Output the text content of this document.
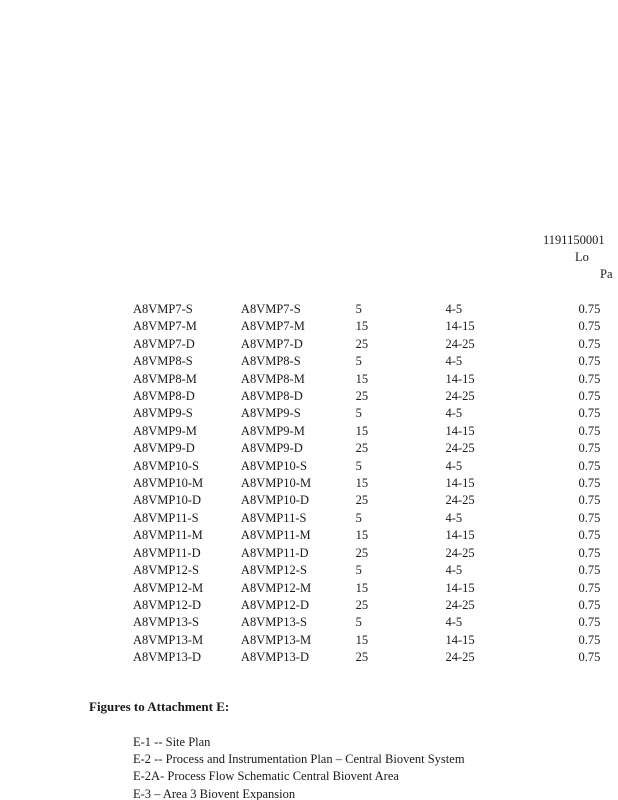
1191150001
Lo
Pa
A8VMP7-S	A8VMP7-S	5	4-5	0.75
A8VMP7-M	A8VMP7-M	15	14-15	0.75
A8VMP7-D	A8VMP7-D	25	24-25	0.75
A8VMP8-S	A8VMP8-S	5	4-5	0.75
A8VMP8-M	A8VMP8-M	15	14-15	0.75
A8VMP8-D	A8VMP8-D	25	24-25	0.75
A8VMP9-S	A8VMP9-S	5	4-5	0.75
A8VMP9-M	A8VMP9-M	15	14-15	0.75
A8VMP9-D	A8VMP9-D	25	24-25	0.75
A8VMP10-S	A8VMP10-S	5	4-5	0.75
A8VMP10-M	A8VMP10-M	15	14-15	0.75
A8VMP10-D	A8VMP10-D	25	24-25	0.75
A8VMP11-S	A8VMP11-S	5	4-5	0.75
A8VMP11-M	A8VMP11-M	15	14-15	0.75
A8VMP11-D	A8VMP11-D	25	24-25	0.75
A8VMP12-S	A8VMP12-S	5	4-5	0.75
A8VMP12-M	A8VMP12-M	15	14-15	0.75
A8VMP12-D	A8VMP12-D	25	24-25	0.75
A8VMP13-S	A8VMP13-S	5	4-5	0.75
A8VMP13-M	A8VMP13-M	15	14-15	0.75
A8VMP13-D	A8VMP13-D	25	24-25	0.75
Figures to Attachment E:
E-1 -- Site Plan
E-2 -- Process and Instrumentation Plan – Central Biovent System
E-2A- Process Flow Schematic Central Biovent Area
E-3 – Area 3 Biovent Expansion
